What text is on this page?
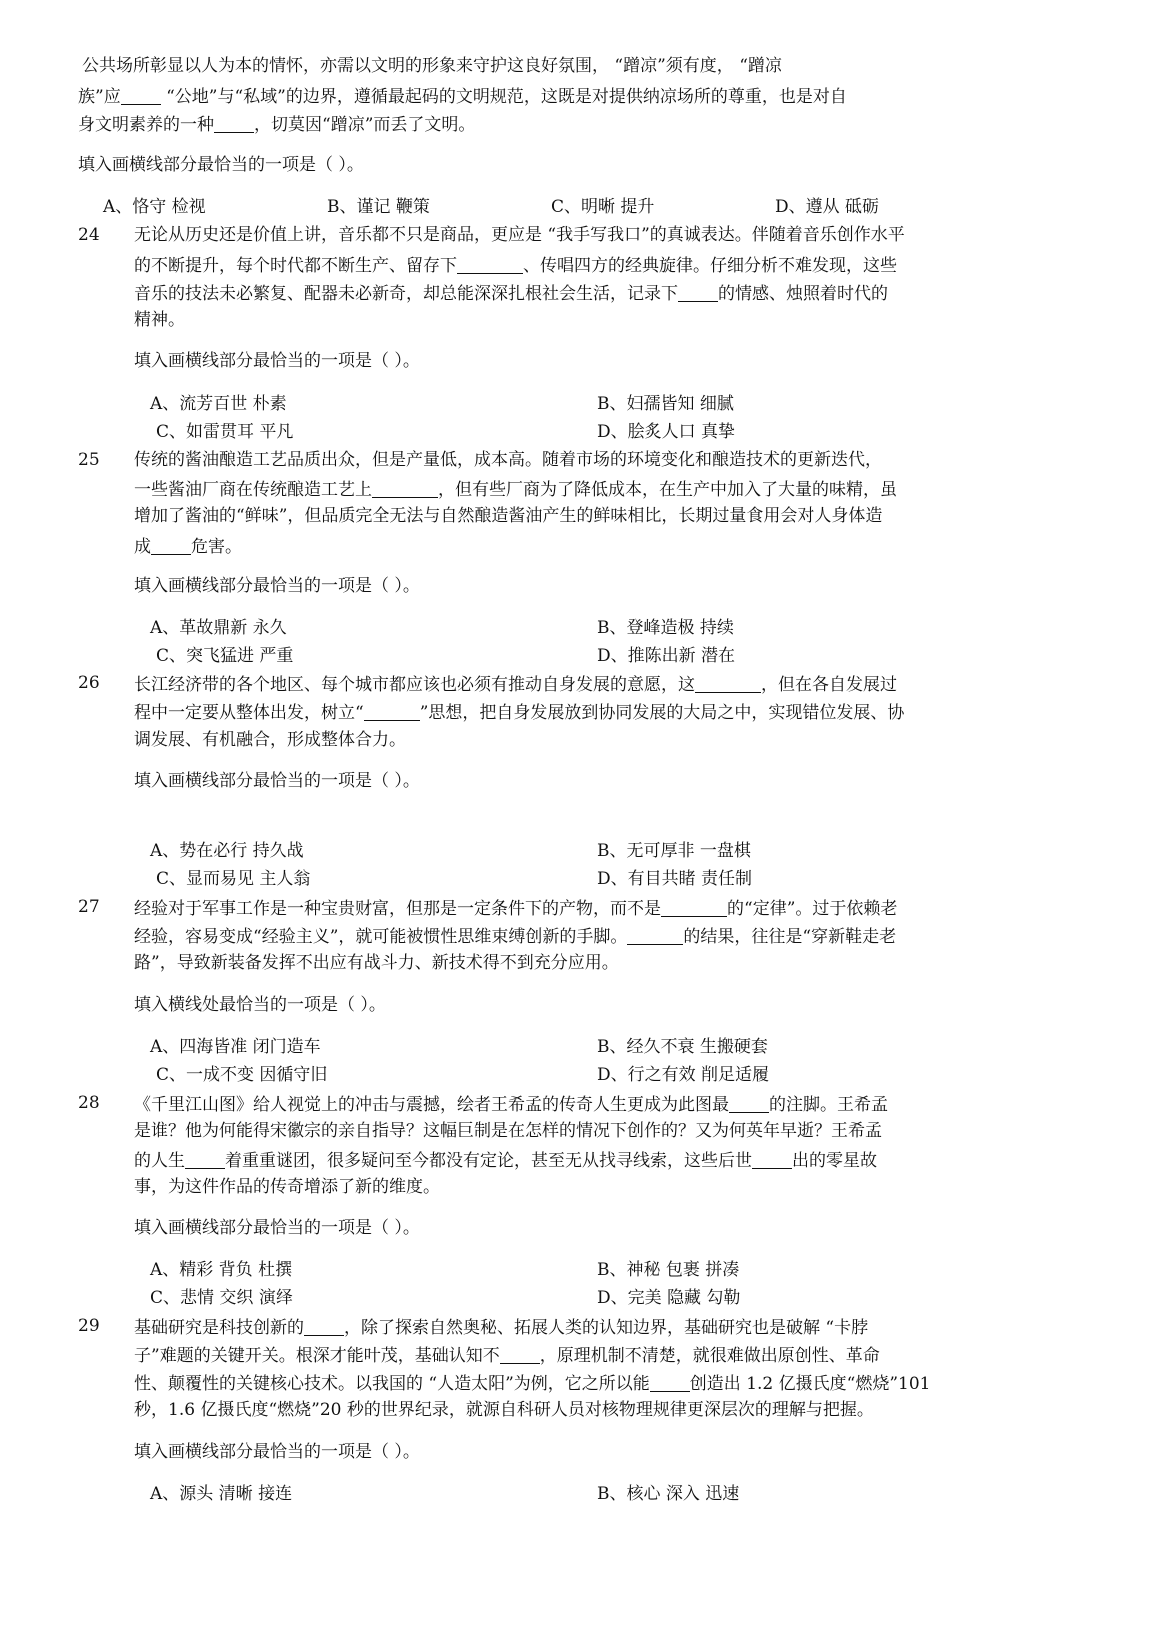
公共场所彰显以人为本的情怀，亦需以文明的形象来守护这良好氛围， “蹭凉”须有度， “蹭凉
族”应 “公地”与“私域”的边界，遵循最起码的文明规范，这既是对提供纳凉场所的尊重，也是对自
身文明素养的一种 ，切莫因“蹭凉”而丢了文明。
填入画横线部分最恰当的一项是（ ）。
A、恪守 检视	B、谨记 鞭策	C、明晰 提升	D、遵从 砥砺
24 无论从历史还是价值上讲，音乐都不只是商品，更应是 “我手写我口”的真诚表达。伴随着音乐创作水平
的不断提升，每个时代都不断生产、留存下	、传唱四方的经典旋律。仔细分析不难发现，这些
音乐的技法未必繁复、配器未必新奇，却总能深深扎根社会生活，记录下 的情感、烛照着时代的
精神。
填入画横线部分最恰当的一项是（ ）。
A、流芳百世 朴素	B、妇孺皆知 细腻
C、如雷贯耳 平凡	D、脍炙人口 真挚
25 传统的酱油酿造工艺品质出众，但是产量低，成本高。随着市场的环境变化和酿造技术的更新迭代，
一些酱油厂商在传统酿造工艺上	，但有些厂商为了降低成本，在生产中加入了大量的味精，虽
增加了酱油的“鲜味”，但品质完全无法与自然酿造酱油产生的鲜味相比，长期过量食用会对人身体造
成 危害。
填入画横线部分最恰当的一项是（ ）。
A、革故鼎新 永久	B、登峰造极 持续
C、突飞猛进 严重	D、推陈出新 潜在
26 长江经济带的各个地区、每个城市都应该也必须有推动自身发展的意愿，这	，但在各自发展过
程中一定要从整体出发，树立“	”思想，把自身发展放到协同发展的大局之中，实现错位发展、协
调发展、有机融合，形成整体合力。
填入画横线部分最恰当的一项是（ ）。
A、势在必行 持久战	B、无可厚非 一盘棋
C、显而易见 主人翁	D、有目共睹 责任制
27 经验对于军事工作是一种宝贵财富，但那是一定条件下的产物，而不是	的“定律”。过于依赖老
经验，容易变成“经验主义”，就可能被惯性思维束缚创新的手脚。	的结果，往往是“穿新鞋走老
路”，导致新装备发挥不出应有战斗力、新技术得不到充分应用。
填入横线处最恰当的一项是（ ）。
A、四海皆准 闭门造车	B、经久不衰 生搬硬套
C、一成不变 因循守旧	D、行之有效 削足适履
28 《千里江山图》给人视觉上的冲击与震撼，绘者王希孟的传奇人生更成为此图最 的注脚。王希孟
是谁？他为何能得宋徽宗的亲自指导？这幅巨制是在怎样的情况下创作的？又为何英年早逝？王希孟
的人生 着重重谜团，很多疑问至今都没有定论，甚至无从找寻线索，这些后世 出的零星故
事，为这件作品的传奇增添了新的维度。
填入画横线部分最恰当的一项是（ ）。
A、精彩 背负 杜撰	B、神秘 包裹 拼凑
C、悲情 交织 演绎	D、完美 隐藏 勾勒
29 基础研究是科技创新的 ，除了探索自然奥秘、拓展人类的认知边界，基础研究也是破解 “卡脖
子”难题的关键开关。根深才能叶茂，基础认知不 ，原理机制不清楚，就很难做出原创性、革命
性、颠覆性的关键核心技术。以我国的 “人造太阳”为例，它之所以能 创造出 1.2 亿摄氏度“燃烧”101
秒，1.6 亿摄氏度“燃烧”20 秒的世界纪录，就源自科研人员对核物理规律更深层次的理解与把握。
填入画横线部分最恰当的一项是（ ）。
A、源头 清晰 接连	B、核心 深入 迅速
